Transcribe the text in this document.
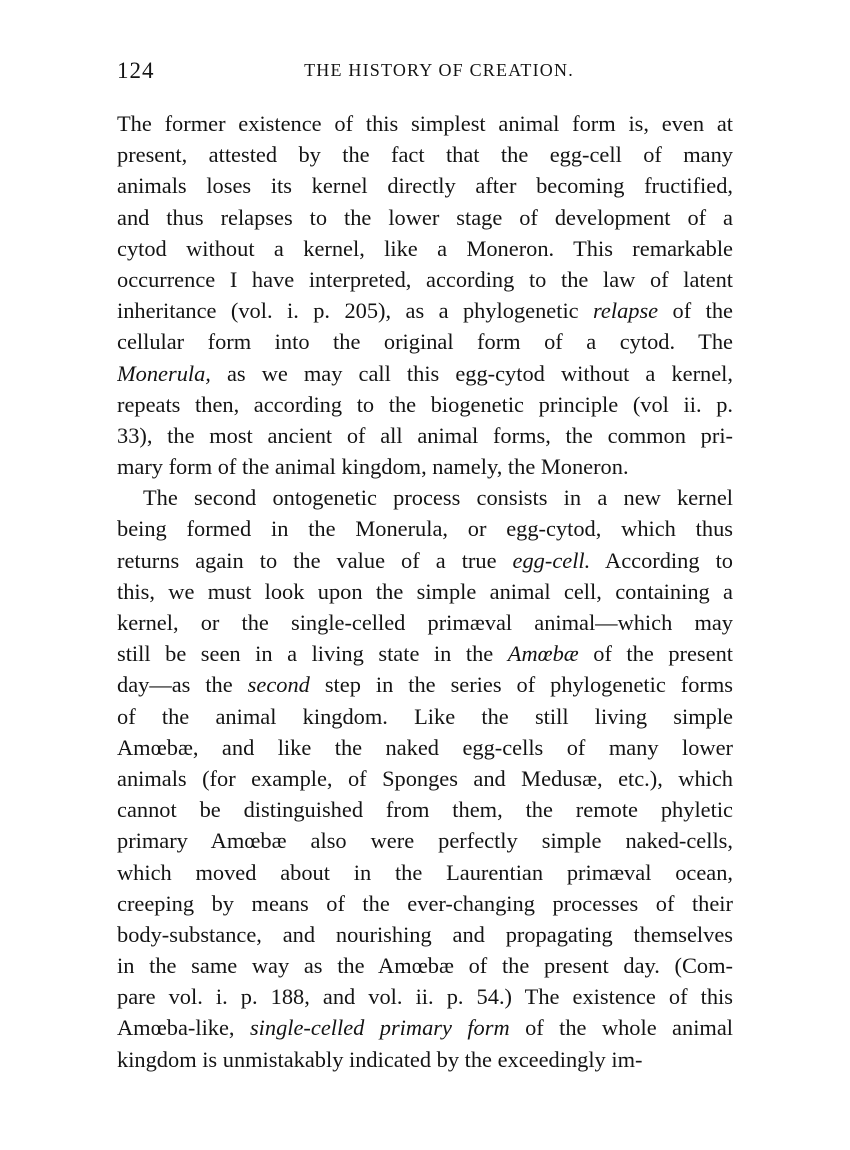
124	THE HISTORY OF CREATION.
The former existence of this simplest animal form is, even at
present, attested by the fact that the egg-cell of many
animals loses its kernel directly after becoming fructified,
and thus relapses to the lower stage of development of a
cytod without a kernel, like a Moneron. This remarkable
occurrence I have interpreted, according to the law of latent
inheritance (vol. i. p. 205), as a phylogenetic relapse of the
cellular form into the original form of a cytod. The
Monerula, as we may call this egg-cytod without a kernel,
repeats then, according to the biogenetic principle (vol ii. p.
33), the most ancient of all animal forms, the common pri-
mary form of the animal kingdom, namely, the Moneron.
The second ontogenetic process consists in a new kernel
being formed in the Monerula, or egg-cytod, which thus
returns again to the value of a true egg-cell. According to
this, we must look upon the simple animal cell, containing a
kernel, or the single-celled primæval animal—which may
still be seen in a living state in the Amœbæ of the present
day—as the second step in the series of phylogenetic forms
of the animal kingdom. Like the still living simple
Amœbæ, and like the naked egg-cells of many lower
animals (for example, of Sponges and Medusæ, etc.), which
cannot be distinguished from them, the remote phyletic
primary Amœbæ also were perfectly simple naked-cells,
which moved about in the Laurentian primæval ocean,
creeping by means of the ever-changing processes of their
body-substance, and nourishing and propagating themselves
in the same way as the Amœbæ of the present day. (Com-
pare vol. i. p. 188, and vol. ii. p. 54.) The existence of this
Amœba-like, single-celled primary form of the whole animal
kingdom is unmistakably indicated by the exceedingly im-
